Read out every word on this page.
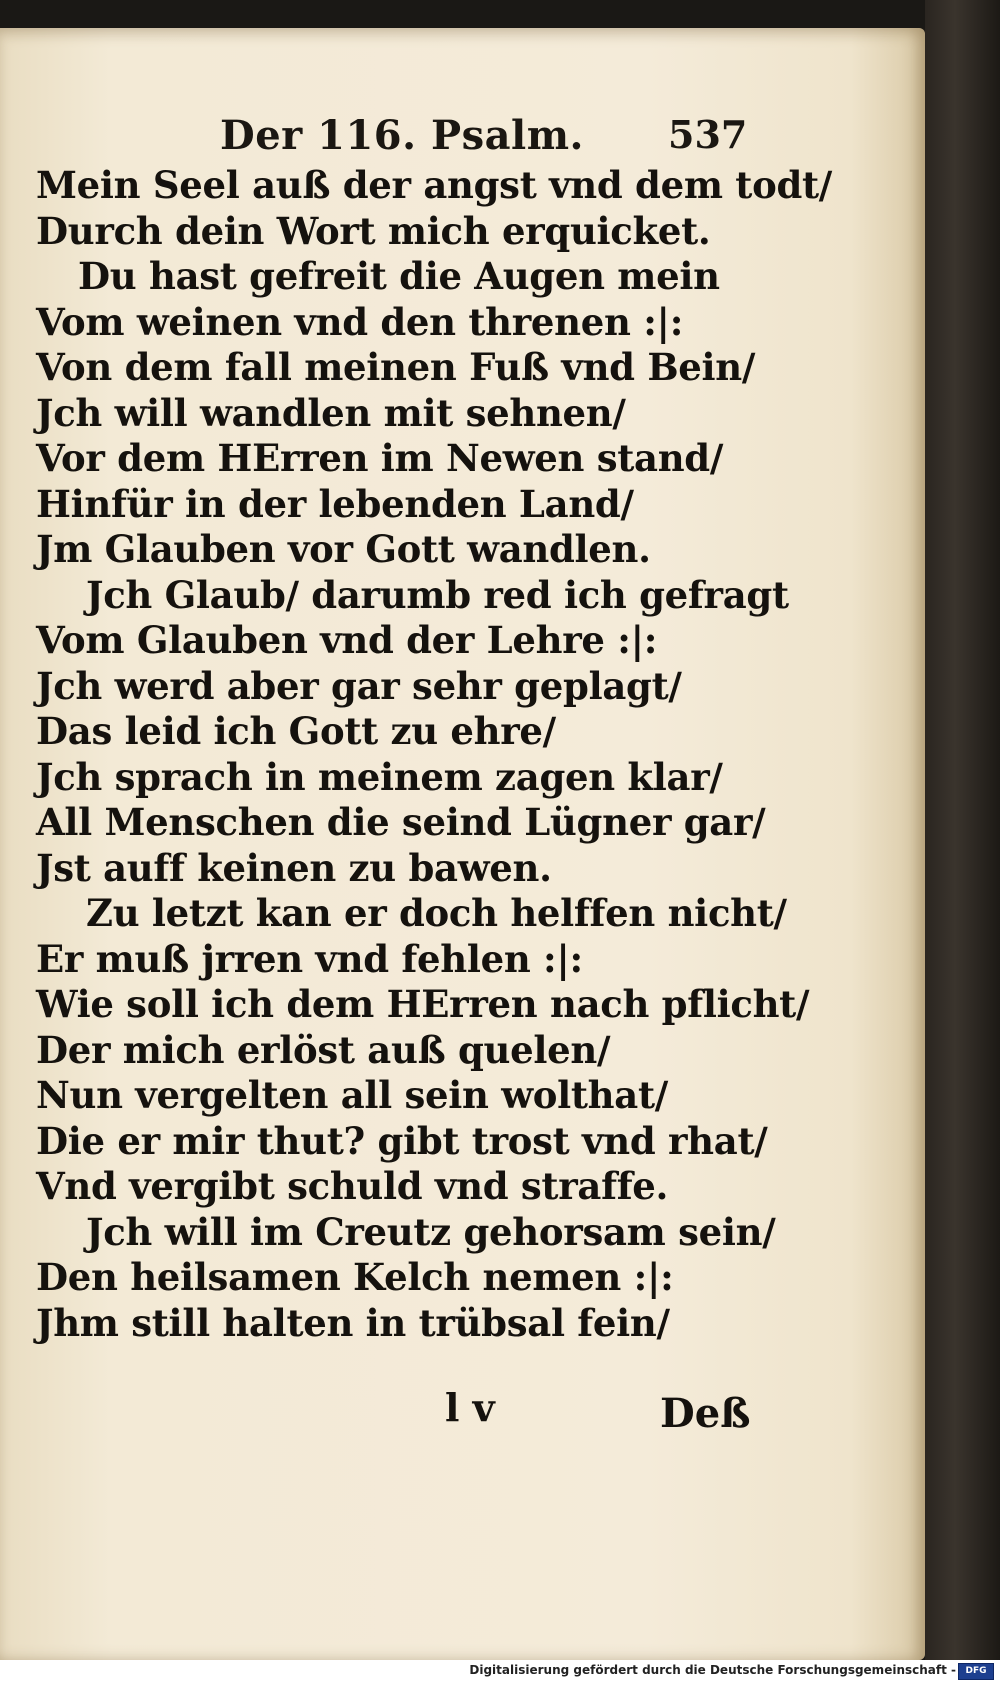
Der 116. Psalm. 537
Mein Seel auß der angst vnd dem todt/
Durch dein Wort mich erquicket.
Du hast gefreit die Augen mein
Vom weinen vnd den threnen :|:
Von dem fall meinen Fuß vnd Bein/
Jch will wandlen mit sehnen/
Vor dem HErren im Newen stand/
Hinfür in der lebenden Land/
Jm Glauben vor Gott wandlen.
Jch Glaub/ darumb red ich gefragt
Vom Glauben vnd der Lehre :|:
Jch werd aber gar sehr geplagt/
Das leid ich Gott zu ehre/
Jch sprach in meinem zagen klar/
All Menschen die seind Lügner gar/
Jst auff keinen zu bawen.
Zu letzt kan er doch helffen nicht/
Er muß jrren vnd fehlen :|:
Wie soll ich dem HErren nach pflicht/
Der mich erlöst auß quelen/
Nun vergelten all sein wolthat/
Die er mir thut? gibt trost vnd rhat/
Vnd vergibt schuld vnd straffe.
Jch will im Creutz gehorsam sein/
Den heilsamen Kelch nemen :|:
Jhm still halten in trübsal fein/
l v	Deß
Digitalisierung gefördert durch die Deutsche Forschungsgemeinschaft -	DFG
